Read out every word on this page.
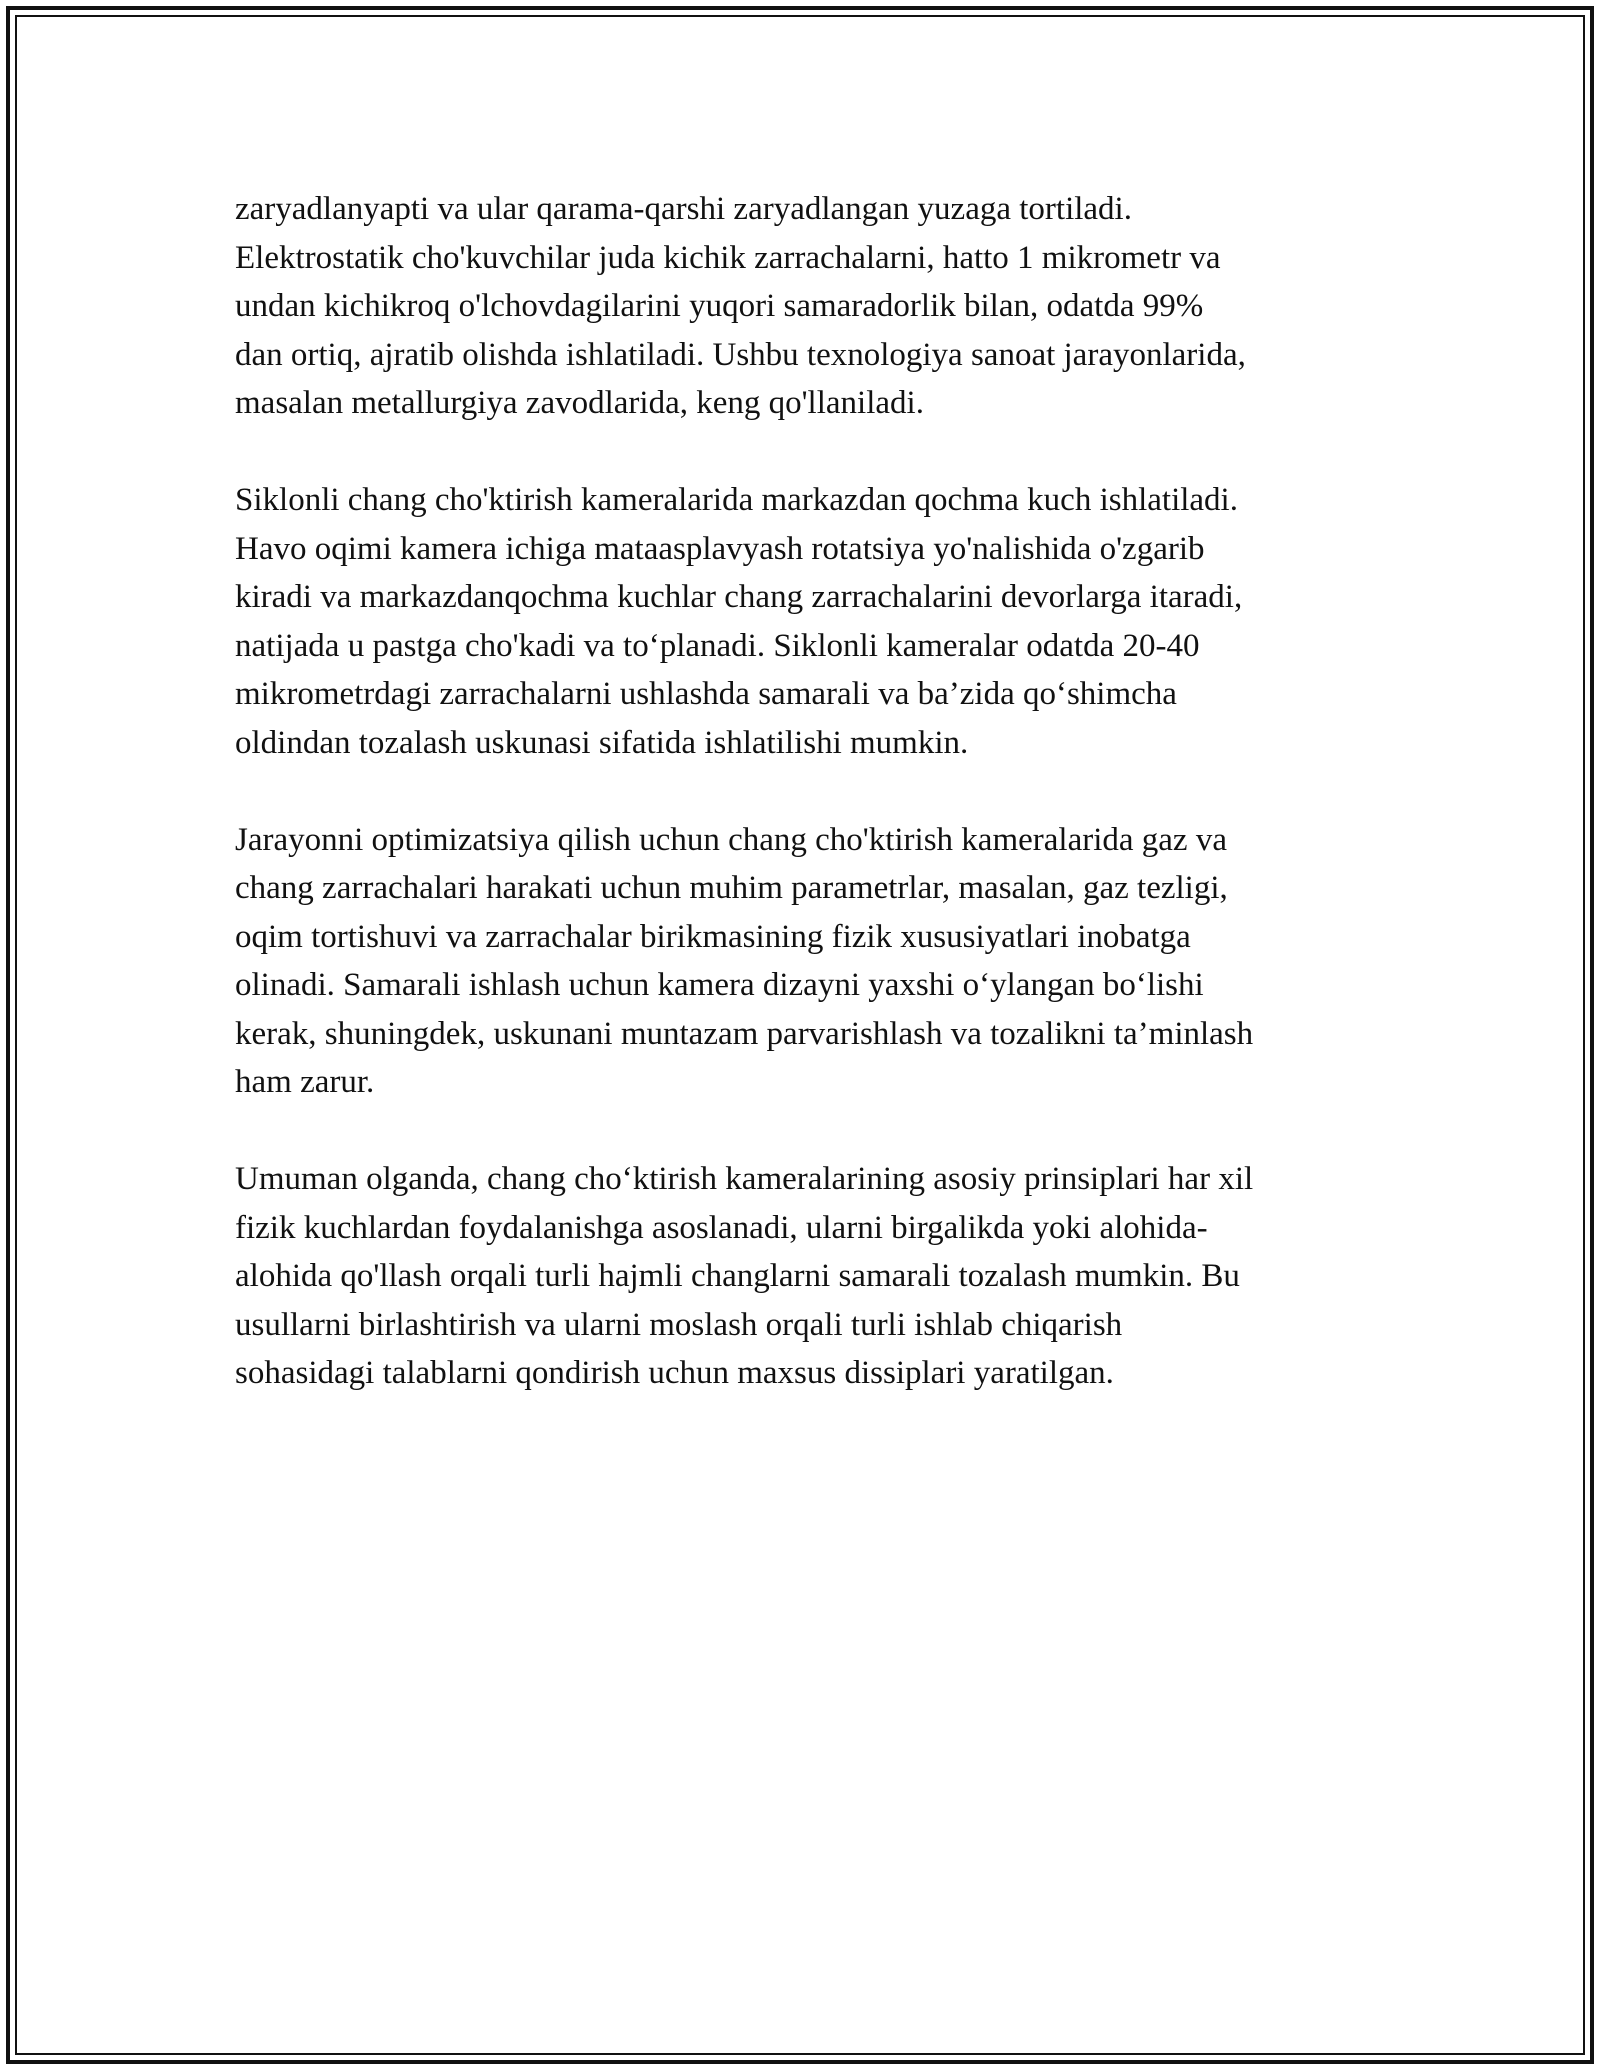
zaryadlanyapti va ular qarama-qarshi zaryadlangan yuzaga tortiladi.
Elektrostatik cho'kuvchilar juda kichik zarrachalarni, hatto 1 mikrometr va
undan kichikroq o'lchovdagilarini yuqori samaradorlik bilan, odatda 99%
dan ortiq, ajratib olishda ishlatiladi. Ushbu texnologiya sanoat jarayonlarida,
masalan metallurgiya zavodlarida, keng qo'llaniladi.

Siklonli chang cho'ktirish kameralarida markazdan qochma kuch ishlatiladi.
Havo oqimi kamera ichiga mataasplavyash rotatsiya yo'nalishida o'zgarib
kiradi va markazdanqochma kuchlar chang zarrachalarini devorlarga itaradi,
natijada u pastga cho'kadi va to‘planadi. Siklonli kameralar odatda 20-40
mikrometrdagi zarrachalarni ushlashda samarali va ba’zida qo‘shimcha
oldindan tozalash uskunasi sifatida ishlatilishi mumkin.

Jarayonni optimizatsiya qilish uchun chang cho'ktirish kameralarida gaz va
chang zarrachalari harakati uchun muhim parametrlar, masalan, gaz tezligi,
oqim tortishuvi va zarrachalar birikmasining fizik xususiyatlari inobatga
olinadi. Samarali ishlash uchun kamera dizayni yaxshi o‘ylangan bo‘lishi
kerak, shuningdek, uskunani muntazam parvarishlash va tozalikni ta’minlash
ham zarur.

Umuman olganda, chang cho‘ktirish kameralarining asosiy prinsiplari har xil
fizik kuchlardan foydalanishga asoslanadi, ularni birgalikda yoki alohida-
alohida qo'llash orqali turli hajmli changlarni samarali tozalash mumkin. Bu
usullarni birlashtirish va ularni moslash orqali turli ishlab chiqarish
sohasidagi talablarni qondirish uchun maxsus dissiplari yaratilgan.
